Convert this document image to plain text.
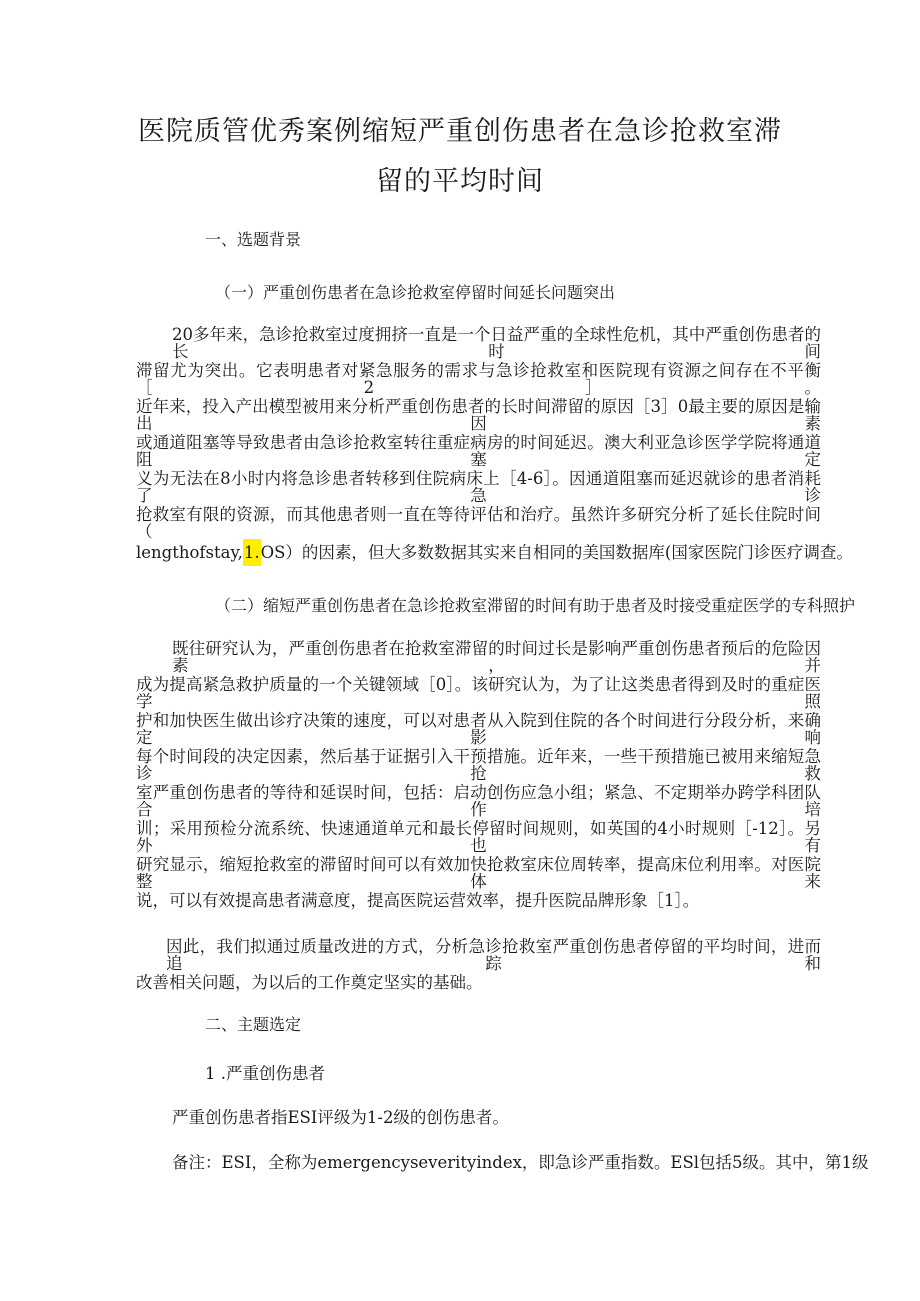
医院质管优秀案例缩短严重创伤患者在急诊抢救室滞
留的平均时间
一、选题背景
（一）严重创伤患者在急诊抢救室停留时间延长问题突出
20多年来，急诊抢救室过度拥挤一直是一个日益严重的全球性危机，其中严重创伤患者的长时间
滞留尤为突出。它表明患者对紧急服务的需求与急诊抢救室和医院现有资源之间存在不平衡［2］。
近年来，投入产出模型被用来分析严重创伤患者的长时间滞留的原因［3］0最主要的原因是输出因素
或通道阻塞等导致患者由急诊抢救室转往重症病房的时间延迟。澳大利亚急诊医学学院将通道阻塞定
义为无法在8小时内将急诊患者转移到住院病床上［4-6］。因通道阻塞而延迟就诊的患者消耗了急诊
抢救室有限的资源，而其他患者则一直在等待评估和治疗。虽然许多研究分析了延长住院时间（
lengthofstay,1.OS）的因素，但大多数数据其实来自相同的美国数据库(国家医院门诊医疗调查。
（二）缩短严重创伤患者在急诊抢救室滞留的时间有助于患者及时接受重症医学的专科照护
既往研究认为，严重创伤患者在抢救室滞留的时间过长是影响严重创伤患者预后的危险因素，并
成为提高紧急救护质量的一个关键领域［0］。该研究认为，为了让这类患者得到及时的重症医学照
护和加快医生做出诊疗决策的速度，可以对患者从入院到住院的各个时间进行分段分析，来确定影响
每个时间段的决定因素，然后基于证据引入干预措施。近年来，一些干预措施已被用来缩短急诊抢救
室严重创伤患者的等待和延误时间，包括：启动创伤应急小组；紧急、不定期举办跨学科团队合作培
训；采用预检分流系统、快速通道单元和最长停留时间规则，如英国的4小时规则［-12］。另外也有
研究显示，缩短抢救室的滞留时间可以有效加快抢救室床位周转率，提高床位利用率。对医院整体来
说，可以有效提高患者满意度，提高医院运营效率，提升医院品牌形象［1］。
因此，我们拟通过质量改进的方式，分析急诊抢救室严重创伤患者停留的平均时间，进而追踪和
改善相关问题，为以后的工作奠定坚实的基础。
二、主题选定
1 .严重创伤患者
严重创伤患者指ESI评级为1-2级的创伤患者。
备注：ESI，全称为emergencyseverityindex，即急诊严重指数。ESl包括5级。其中，第1级
